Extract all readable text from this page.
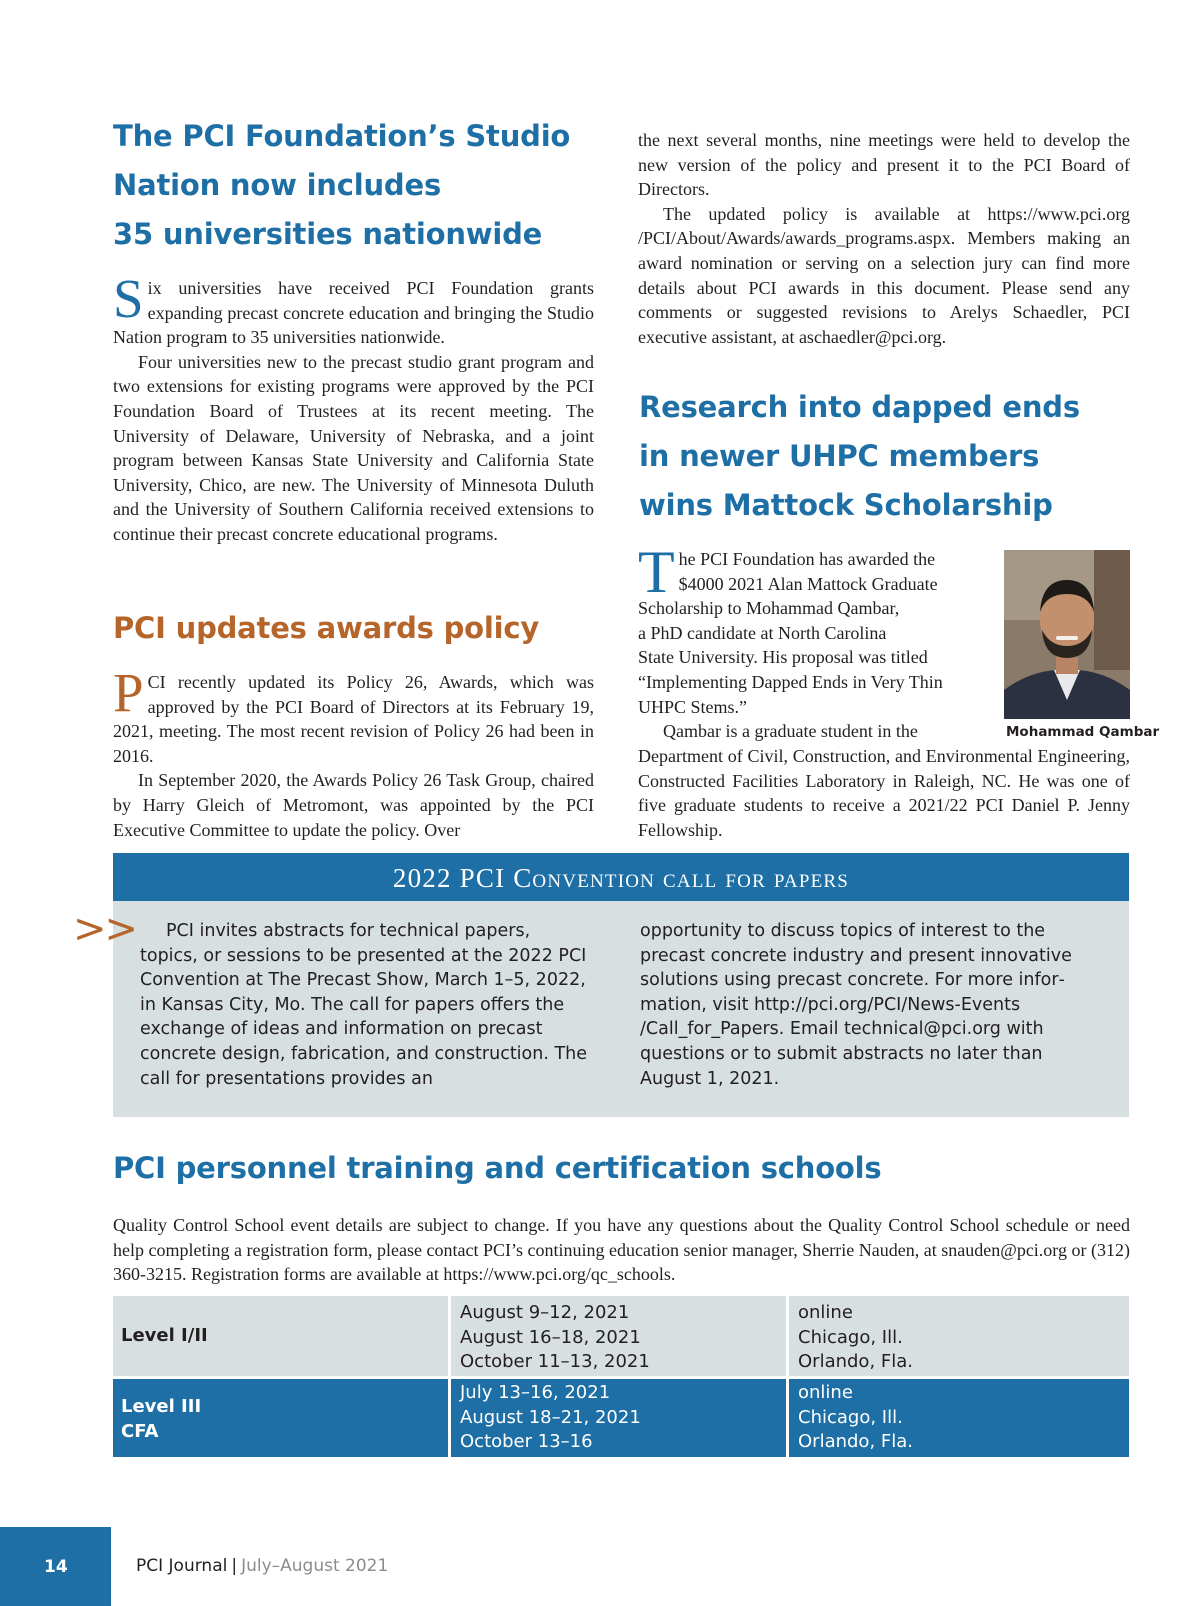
The PCI Foundation’s Studio
Nation now includes
35 universities nationwide

Six universities have received PCI Foundation grants expanding precast concrete education and bringing the Studio Nation program to 35 universities nationwide.

Four universities new to the precast studio grant program and two extensions for existing programs were approved by the PCI Foundation Board of Trustees at its recent meeting. The University of Delaware, University of Nebraska, and a joint program between Kansas State University and California State University, Chico, are new. The University of Minnesota Duluth and the University of Southern California received extensions to continue their precast concrete educational programs.

PCI updates awards policy

PCI recently updated its Policy 26, Awards, which was approved by the PCI Board of Directors at its February 19, 2021, meeting. The most recent revision of Policy 26 had been in 2016.

In September 2020, the Awards Policy 26 Task Group, chaired by Harry Gleich of Metromont, was appointed by the PCI Executive Committee to update the policy. Over

the next several months, nine meetings were held to develop the new version of the policy and present it to the PCI Board of Directors.

The updated policy is available at https://www.pci.org /PCI/About/Awards/awards_programs.aspx. Members making an award nomination or serving on a selection jury can find more details about PCI awards in this document. Please send any comments or suggested revisions to Arelys Schaedler, PCI executive assistant, at aschaedler@pci.org.

Research into dapped ends
in newer UHPC members
wins Mattock Scholarship
T he PCI Foundation has awarded the
$4000 2021 Alan Mattock Graduate
Scholarship to Mohammad Qambar,
a PhD candidate at North Carolina
State University. His proposal was titled
“Implementing Dapped Ends in Very Thin
UHPC Stems.”
Qambar is a graduate student in the

Department of Civil, Construction, and Environmental Engineering, Constructed Facilities Laboratory in Raleigh, NC. He was one of five graduate students to receive a 2021/22 PCI Daniel P. Jenny Fellowship.

Mohammad Qambar
2022 PCI Convention call for papers
>>	PCI invites abstracts for technical papers, topics, or sessions to be presented at the 2022 PCI Convention at The Precast Show, March 1–5, 2022, in Kansas City, Mo. The call for papers offers the exchange of ideas and information on precast concrete design, fabrication, and construction. The call for presentations provides an

opportunity to discuss topics of interest to the precast concrete industry and present innovative solutions using precast concrete. For more information, visit http://pci.org/PCI/News-Events /Call_for_Papers. Email technical@pci.org with questions or to submit abstracts no later than August 1, 2021.

PCI personnel training and certification schools

Quality Control School event details are subject to change. If you have any questions about the Quality Control School schedule or need help completing a registration form, please contact PCI’s continuing education senior manager, Sherrie Nauden, at snauden@pci.org or (312) 360-3215. Registration forms are available at https://www.pci.org/qc_schools.

Level I/II
August 9–12, 2021
August 16–18, 2021
October 11–13, 2021
online
Chicago, Ill.
Orlando, Fla.
Level III
CFA
July 13–16, 2021
August 18–21, 2021
October 13–16
online
Chicago, Ill.
Orlando, Fla.
14	PCI Journal | July–August 2021
